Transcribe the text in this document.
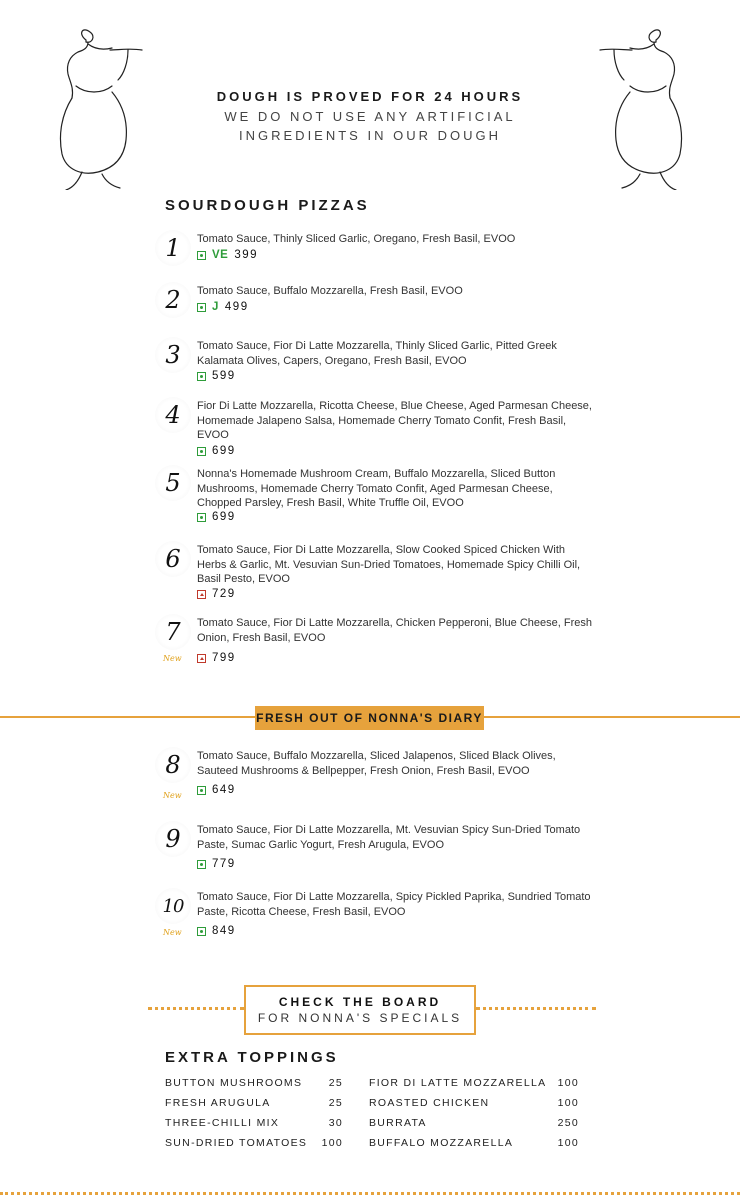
DOUGH IS PROVED FOR 24 HOURS
WE DO NOT USE ANY ARTIFICIAL
INGREDIENTS IN OUR DOUGH
SOURDOUGH PIZZAS
1	Tomato Sauce, Thinly Sliced Garlic, Oregano, Fresh Basil, EVOO
VE 399
2	Tomato Sauce, Buffalo Mozzarella, Fresh Basil, EVOO
J 499
3	Tomato Sauce, Fior Di Latte Mozzarella, Thinly Sliced Garlic, Pitted Greek Kalamata Olives, Capers, Oregano, Fresh Basil, EVOO
599
4	Fior Di Latte Mozzarella, Ricotta Cheese, Blue Cheese, Aged Parmesan Cheese, Homemade Jalapeno Salsa, Homemade Cherry Tomato Confit, Fresh Basil, EVOO
699
5	Nonna's Homemade Mushroom Cream, Buffalo Mozzarella, Sliced Button Mushrooms, Homemade Cherry Tomato Confit, Aged Parmesan Cheese, Chopped Parsley, Fresh Basil, White Truffle Oil, EVOO
699
6	Tomato Sauce, Fior Di Latte Mozzarella, Slow Cooked Spiced Chicken With Herbs & Garlic, Mt. Vesuvian Sun-Dried Tomatoes, Homemade Spicy Chilli Oil, Basil Pesto, EVOO
729
7
New
Tomato Sauce, Fior Di Latte Mozzarella, Chicken Pepperoni, Blue Cheese, Fresh Onion, Fresh Basil, EVOO
799
FRESH OUT OF NONNA'S DIARY
8
New
Tomato Sauce, Buffalo Mozzarella, Sliced Jalapenos, Sliced Black Olives, Sauteed Mushrooms & Bellpepper, Fresh Onion, Fresh Basil, EVOO
649
9	Tomato Sauce, Fior Di Latte Mozzarella, Mt. Vesuvian Spicy Sun-Dried Tomato Paste, Sumac Garlic Yogurt, Fresh Arugula, EVOO
779
10
New
Tomato Sauce, Fior Di Latte Mozzarella, Spicy Pickled Paprika, Sundried Tomato Paste, Ricotta Cheese, Fresh Basil, EVOO
849
CHECK THE BOARD
FOR NONNA'S SPECIALS
EXTRA TOPPINGS
BUTTON MUSHROOMS	25
FRESH ARUGULA	25
THREE-CHILLI MIX	30
SUN-DRIED TOMATOES 100
FIOR DI LATTE MOZZARELLA 100
ROASTED CHICKEN	100
BURRATA	250
BUFFALO MOZZARELLA	100
